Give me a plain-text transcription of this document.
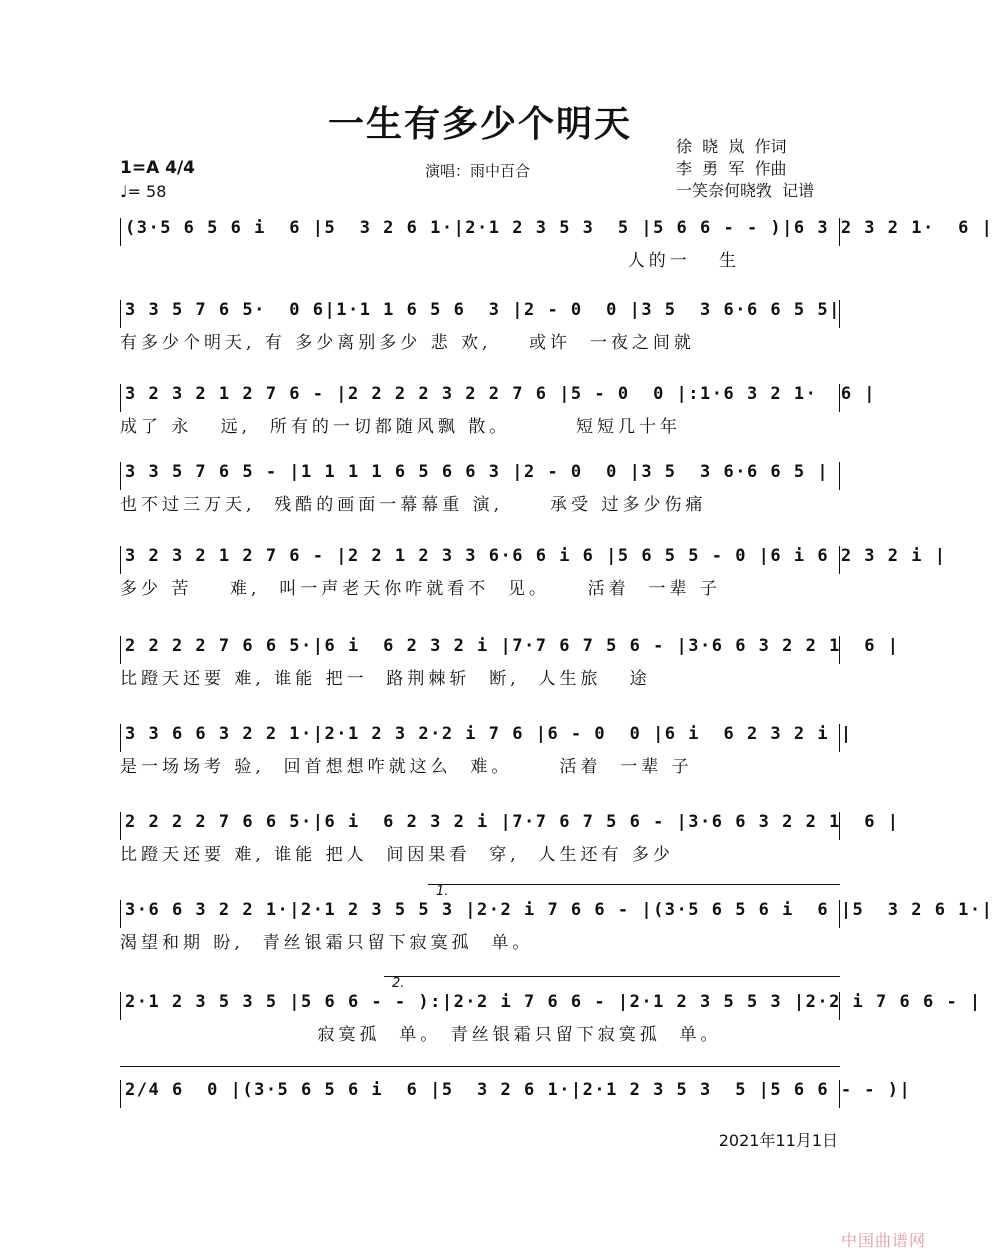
一生有多少个明天
1=A 4/4
♩= 58
演唱：雨中百合
徐  晓  岚  作词
李  勇  军  作曲
一笑奈何晓敩  记谱
(3·5 6 5 6 i  6 |5  3 2 6 1·|2·1 2 3 5 3  5 |5 6 6 - - )|6 3 2 3 2 1·  6 |
人的一   生
3 3 5 7 6 5·  0 6|1·1 1 6 5 6  3 |2 - 0  0 |3 5  3 6·6 6 5 5|
有多少个明天, 有 多少离别多少 悲 欢,    或许  一夜之间就
3 2 3 2 1 2 7 6 - |2 2 2 2 3 2 2 7 6 |5 - 0  0 |:1·6 3 2 1·  6 |
成了 永   远,  所有的一切都随风飘 散。       短短几十年
3 3 5 7 6 5 - |1 1 1 1 6 5 6 6 3 |2 - 0  0 |3 5  3 6·6 6 5 |
也不过三万天,  残酷的画面一幕幕重 演,     承受 过多少伤痛
3 2 3 2 1 2 7 6 - |2 2 1 2 3 3 6·6 6 i 6 |5 6 5 5 - 0 |6 i 6 2 3 2 i |
多少 苦    难,  叫一声老天你咋就看不  见。    活着  一辈 子
2 2 2 2 7 6 6 5·|6 i  6 2 3 2 i |7·7 6 7 5 6 - |3·6 6 3 2 2 1  6 |
比蹬天还要 难, 谁能 把一  路荆棘斩  断,  人生旅   途
3 3 6 6 3 2 2 1·|2·1 2 3 2·2 i 7 6 |6 - 0  0 |6 i  6 2 3 2 i |
是一场场考 验,  回首想想咋就这么  难。     活着  一辈 子
2 2 2 2 7 6 6 5·|6 i  6 2 3 2 i |7·7 6 7 5 6 - |3·6 6 3 2 2 1  6 |
比蹬天还要 难, 谁能 把人  间因果看  穿,  人生还有 多少
1.
3·6 6 3 2 2 1·|2·1 2 3 5 5 3 |2·2 i 7 6 6 - |(3·5 6 5 6 i  6 |5  3 2 6 1·|
渴望和期 盼,  青丝银霜只留下寂寞孤  单。
2.
2·1 2 3 5 3 5 |5 6 6 - - ):|2·2 i 7 6 6 - |2·1 2 3 5 5 3 |2·2 i 7 6 6 - |
寂寞孤  单。 青丝银霜只留下寂寞孤  单。
2/4 6  0 |(3·5 6 5 6 i  6 |5  3 2 6 1·|2·1 2 3 5 3  5 |5 6 6 - - )|
2021年11月1日
中国曲谱网
